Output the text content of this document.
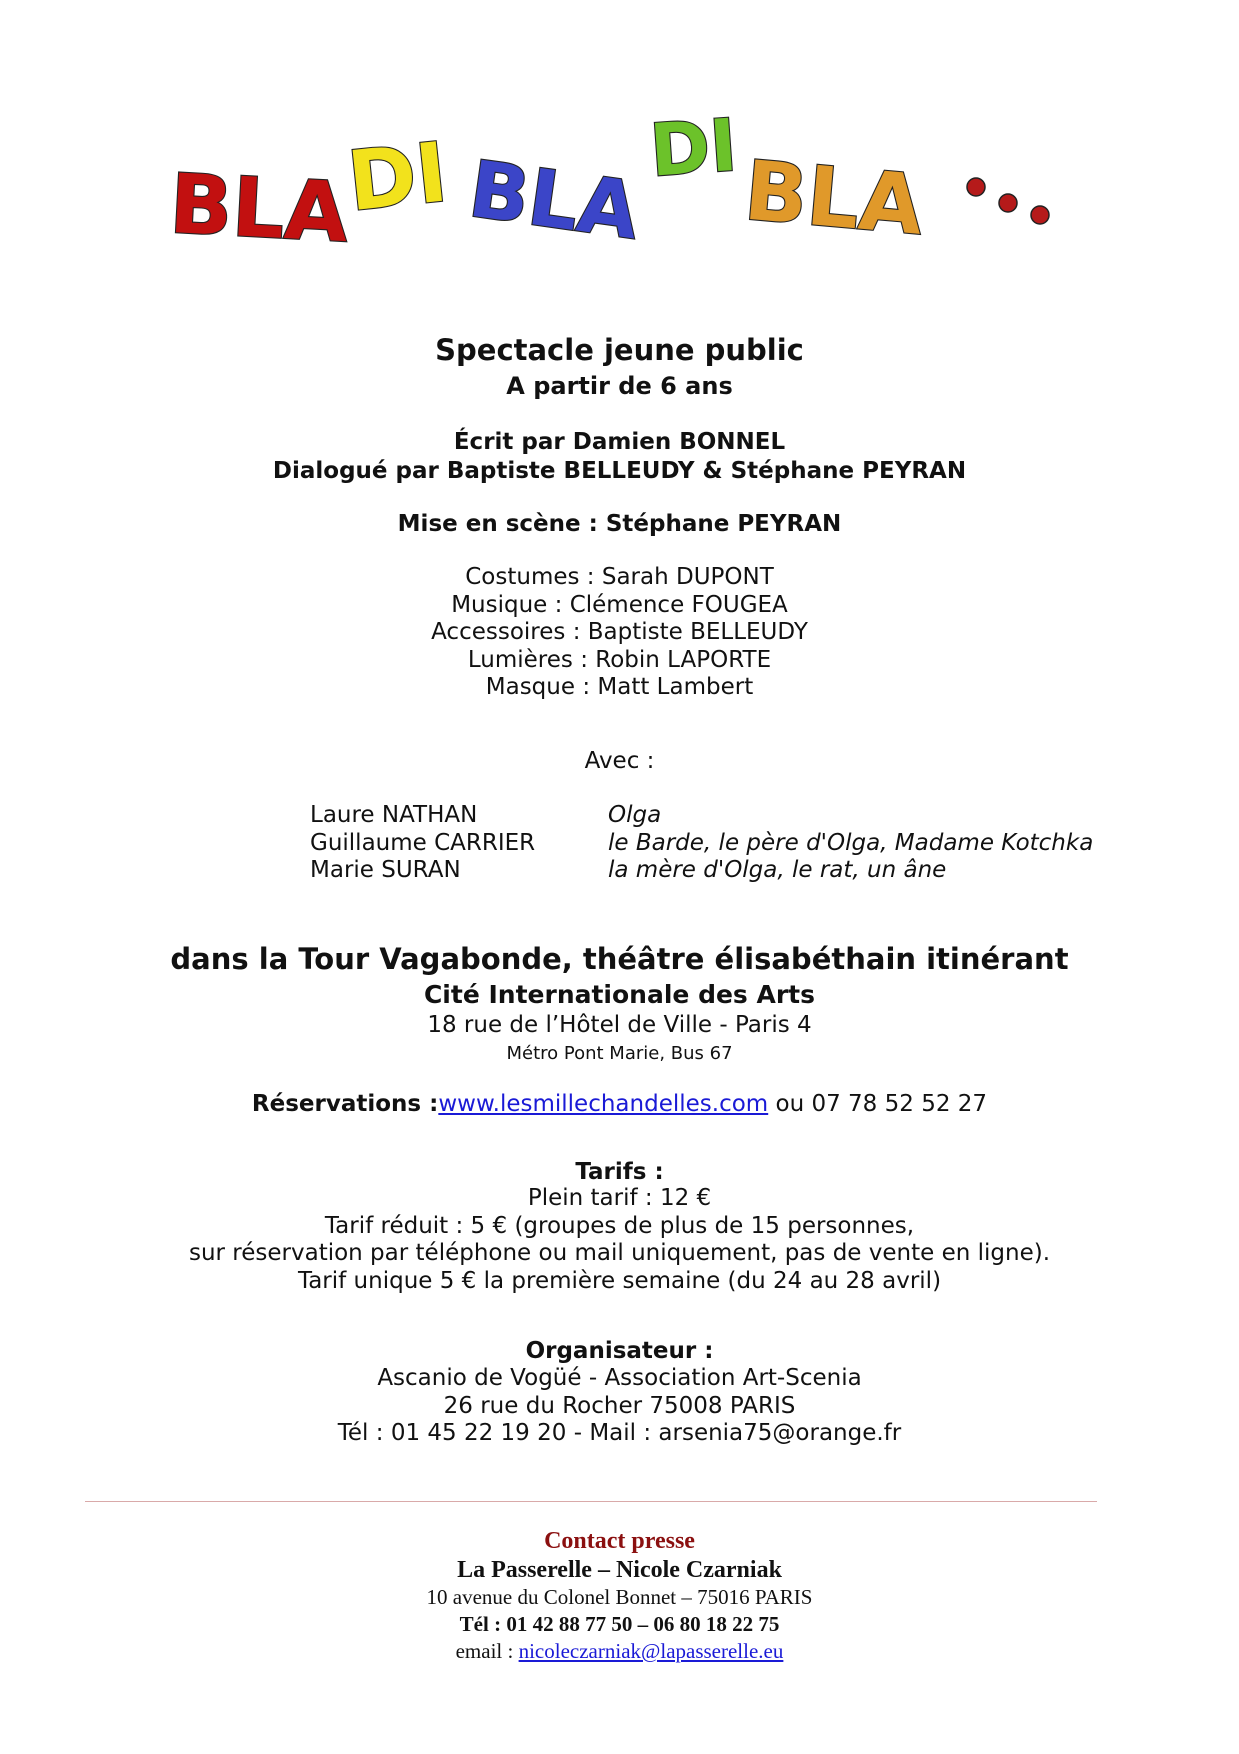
BLA
DI BLA DI BLA
Spectacle jeune public
A partir de 6 ans
Écrit par Damien BONNEL
Dialogué par Baptiste BELLEUDY & Stéphane PEYRAN
Mise en scène : Stéphane PEYRAN
Costumes : Sarah DUPONT
Musique : Clémence FOUGEA
Accessoires : Baptiste BELLEUDY
Lumières : Robin LAPORTE
Masque : Matt Lambert
Avec :
Laure NATHAN	Olga
Guillaume CARRIER	le Barde, le père d'Olga, Madame Kotchka
Marie SURAN	la mère d'Olga, le rat, un âne
dans la Tour Vagabonde, théâtre élisabéthain itinérant
Cité Internationale des Arts
18 rue de l’Hôtel de Ville - Paris 4
Métro Pont Marie, Bus 67
Réservations :www.lesmillechandelles.com ou 07 78 52 52 27
Tarifs :
Plein tarif : 12 €
Tarif réduit : 5 € (groupes de plus de 15 personnes,
sur réservation par téléphone ou mail uniquement, pas de vente en ligne).
Tarif unique 5 € la première semaine (du 24 au 28 avril)
Organisateur :
Ascanio de Vogüé - Association Art-Scenia
26 rue du Rocher 75008 PARIS
Tél : 01 45 22 19 20 - Mail : arsenia75@orange.fr
Contact presse
La Passerelle – Nicole Czarniak
10 avenue du Colonel Bonnet – 75016 PARIS
Tél : 01 42 88 77 50 – 06 80 18 22 75
email : nicoleczarniak@lapasserelle.eu
